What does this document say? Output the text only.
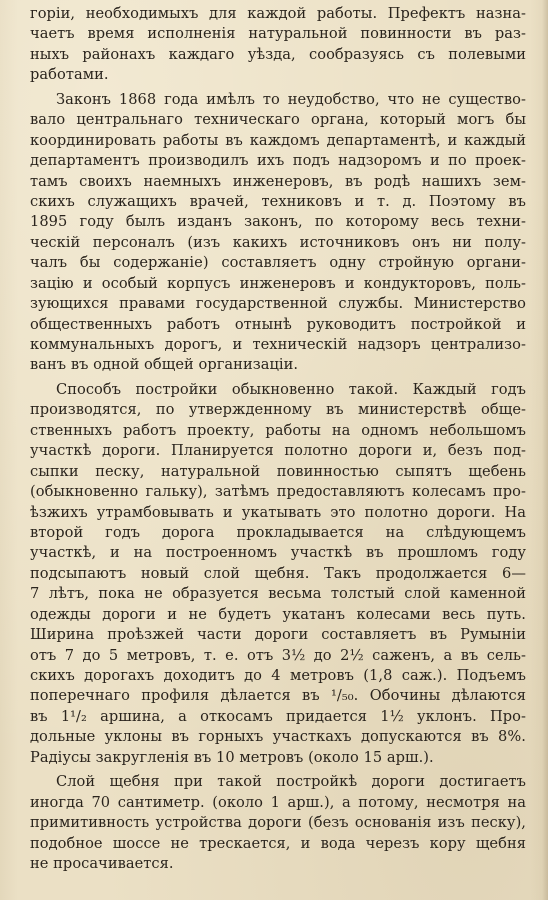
горiи, необходимыхъ для каждой работы. Префектъ назна-
чаетъ время исполненiя натуральной повинности въ раз-
ныхъ районахъ каждаго уѣзда, сообразуясь съ полевыми
работами.
Законъ 1868 года имѣлъ то неудобство, что не существо-
вало центральнаго техническаго органа, который могъ бы
координировать работы въ каждомъ департаментѣ, и каждый
департаментъ производилъ ихъ подъ надзоромъ и по проек-
тамъ своихъ наемныхъ инженеровъ, въ родѣ нашихъ зем-
скихъ служащихъ врачей, техниковъ и т. д. Поэтому въ
1895 году былъ изданъ законъ, по которому весь техни-
ческiй персоналъ (изъ какихъ источниковъ онъ ни полу-
чалъ бы содержанiе) составляетъ одну стройную органи-
зацiю и особый корпусъ инженеровъ и кондукторовъ, поль-
зующихся правами государственной службы. Министерство
общественныхъ работъ отнынѣ руководитъ постройкой и
коммунальныхъ дорогъ, и техническiй надзоръ централизо-
ванъ въ одной общей организацiи.
Способъ постройки обыкновенно такой. Каждый годъ
производятся, по утвержденному въ министерствѣ обще-
ственныхъ работъ проекту, работы на одномъ небольшомъ
участкѣ дороги. Планируется полотно дороги и, безъ под-
сыпки песку, натуральной повинностью сыпятъ щебень
(обыкновенно гальку), затѣмъ предоставляютъ колесамъ про-
ѣзжихъ утрамбовывать и укатывать это полотно дороги. На
второй годъ дорога прокладывается на слѣдующемъ
участкѣ, и на построенномъ участкѣ въ прошломъ году
подсыпаютъ новый слой щебня. Такъ продолжается 6—
7 лѣтъ, пока не образуется весьма толстый слой каменной
одежды дороги и не будетъ укатанъ колесами весь путь.
Ширина проѣзжей части дороги составляетъ въ Румынiи
отъ 7 до 5 метровъ, т. е. отъ 3½ до 2½ саженъ, а въ сель-
скихъ дорогахъ доходитъ до 4 метровъ (1,8 саж.). Подъемъ
поперечнаго профиля дѣлается въ ¹/₅₀. Обочины дѣлаются
въ 1¹/₂ аршина, а откосамъ придается 1½ уклонъ. Про-
дольные уклоны въ горныхъ участкахъ допускаются въ 8%.
Радiусы закругленiя въ 10 метровъ (около 15 арш.).
Слой щебня при такой постройкѣ дороги достигаетъ
иногда 70 сантиметр. (около 1 арш.), а потому, несмотря на
примитивность устройства дороги (безъ основанiя изъ песку),
подобное шоссе не трескается, и вода черезъ кору щебня
не просачивается.
